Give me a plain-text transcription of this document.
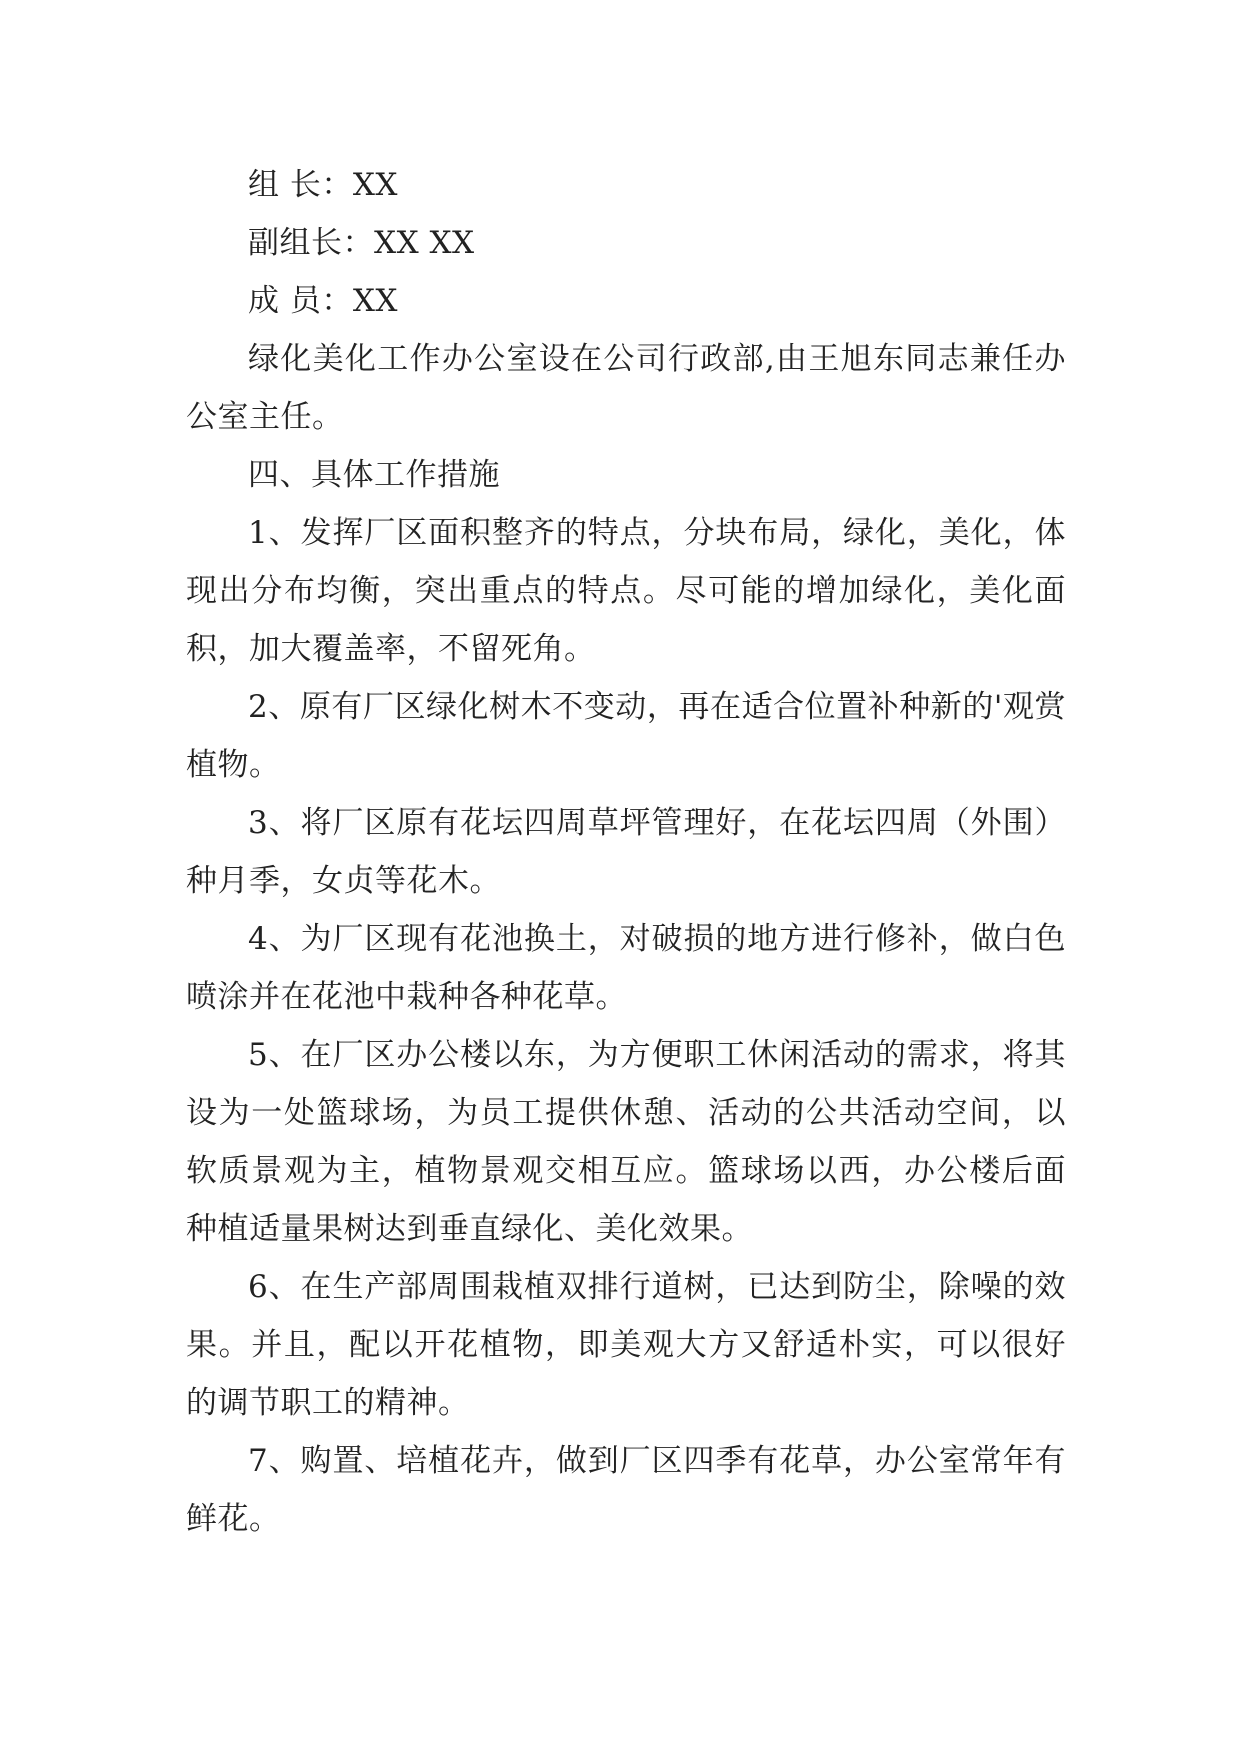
组 长：XX

副组长：XX XX

成 员：XX

绿化美化工作办公室设在公司行政部,由王旭东同志兼任办公室主任。

四、具体工作措施

1、发挥厂区面积整齐的特点，分块布局，绿化，美化，体现出分布均衡，突出重点的特点。尽可能的增加绿化，美化面积，加大覆盖率，不留死角。

2、原有厂区绿化树木不变动，再在适合位置补种新的'观赏植物。

3、将厂区原有花坛四周草坪管理好，在花坛四周（外围）种月季，女贞等花木。

4、为厂区现有花池换土，对破损的地方进行修补，做白色喷涂并在花池中栽种各种花草。

5、在厂区办公楼以东，为方便职工休闲活动的需求，将其设为一处篮球场，为员工提供休憩、活动的公共活动空间，以软质景观为主，植物景观交相互应。篮球场以西，办公楼后面种植适量果树达到垂直绿化、美化效果。

6、在生产部周围栽植双排行道树，已达到防尘，除噪的效果。并且，配以开花植物，即美观大方又舒适朴实，可以很好的调节职工的精神。

7、购置、培植花卉，做到厂区四季有花草，办公室常年有鲜花。
